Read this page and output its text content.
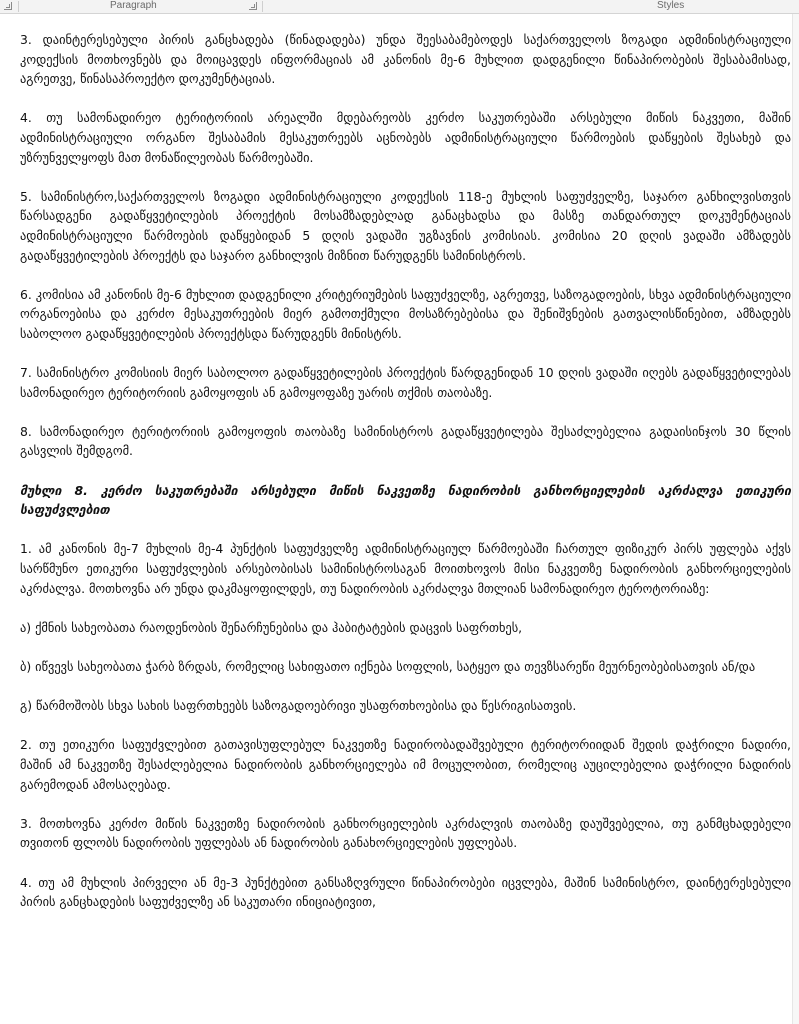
Paragraph	Styles

3. დაინტერესებული პირის განცხადება (წინადადება) უნდა შეესაბამებოდეს საქართველოს ზოგადი ადმინისტრაციული კოდექსის მოთხოვნებს და მოიცავდეს ინფორმაციას ამ კანონის მე-6 მუხლით დადგენილი წინაპირობების შესაბამისად, აგრეთვე, წინასაპროექტო დოკუმენტაციას.

4. თუ სამონადირეო ტერიტორიის არეალში მდებარეობს კერძო საკუთრებაში არსებული მიწის ნაკვეთი, მაშინ ადმინისტრაციული ორგანო შესაბამის მესაკუთრეებს აცნობებს ადმინისტრაციული წარმოების დაწყების შესახებ და უზრუნველყოფს მათ მონაწილეობას წარმოებაში.

5. სამინისტრო,საქართველოს ზოგადი ადმინისტრაციული კოდექსის 118-ე მუხლის საფუძველზე, საჯარო განხილვისთვის წარსადგენი გადაწყვეტილების პროექტის მოსამზადებლად განაცხადსა და მასზე თანდართულ დოკუმენტაციას ადმინისტრაციული წარმოების დაწყებიდან 5 დღის ვადაში უგზავნის კომისიას. კომისია 20 დღის ვადაში ამზადებს გადაწყვეტილების პროექტს და საჯარო განხილვის მიზნით წარუდგენს სამინისტროს.

6. კომისია ამ კანონის მე-6 მუხლით დადგენილი კრიტერიუმების საფუძველზე, აგრეთვე, საზოგადოების, სხვა ადმინისტრაციული ორგანოებისა და კერძო მესაკუთრეების მიერ გამოთქმული მოსაზრებებისა და შენიშვნების გათვალისწინებით, ამზადებს საბოლოო გადაწყვეტილების პროექტსდა წარუდგენს მინისტრს.

7. სამინისტრო კომისიის მიერ საბოლოო გადაწყვეტილების პროექტის წარდგენიდან 10 დღის ვადაში იღებს გადაწყვეტილებას სამონადირეო ტერიტორიის გამოყოფის ან გამოყოფაზე უარის თქმის თაობაზე.

8. სამონადირეო ტერიტორიის გამოყოფის თაობაზე სამინისტროს გადაწყვეტილება შესაძლებელია გადაისინჯოს 30 წლის გასვლის შემდგომ.

მუხლი 8. კერძო საკუთრებაში არსებული მიწის ნაკვეთზე ნადირობის განხორციელების აკრძალვა ეთიკური საფუძვლებით

1. ამ კანონის მე-7 მუხლის მე-4 პუნქტის საფუძველზე ადმინისტრაციულ წარმოებაში ჩართულ ფიზიკურ პირს უფლება აქვს სარწმუნო ეთიკური საფუძვლების არსებობისას სამინისტროსაგან მოითხოვოს მისი ნაკვეთზე ნადირობის განხორციელების აკრძალვა. მოთხოვნა არ უნდა დაკმაყოფილდეს, თუ ნადირობის აკრძალვა მთლიან სამონადირეო ტეროტორიაზე:

ა) ქმნის სახეობათა რაოდენობის შენარჩუნებისა და ჰაბიტატების დაცვის საფრთხეს,

ბ) იწვევს სახეობათა ჭარბ ზრდას, რომელიც სახიფათო იქნება სოფლის, სატყეო და თევზსარეწი მეურნეობებისათვის ან/და

გ) წარმოშობს სხვა სახის საფრთხეებს საზოგადოებრივი უსაფრთხოებისა და წესრიგისათვის.

2. თუ ეთიკური საფუძვლებით გათავისუფლებულ ნაკვეთზე ნადირობადაშვებული ტერიტორიიდან შედის დაჭრილი ნადირი, მაშინ ამ ნაკვეთზე შესაძლებელია ნადირობის განხორციელება იმ მოცულობით, რომელიც აუცილებელია დაჭრილი ნადირის გარემოდან ამოსაღებად.

3. მოთხოვნა კერძო მიწის ნაკვეთზე ნადირობის განხორციელების აკრძალვის თაობაზე დაუშვებელია, თუ განმცხადებელი თვითონ ფლობს ნადირობის უფლებას ან ნადირობის განახორციელების უფლებას.

4. თუ ამ მუხლის პირველი ან მე-3 პუნქტებით განსაზღვრული წინაპირობები იცვლება, მაშინ სამინისტრო, დაინტერესებული პირის განცხადების საფუძველზე ან საკუთარი ინიციატივით,
